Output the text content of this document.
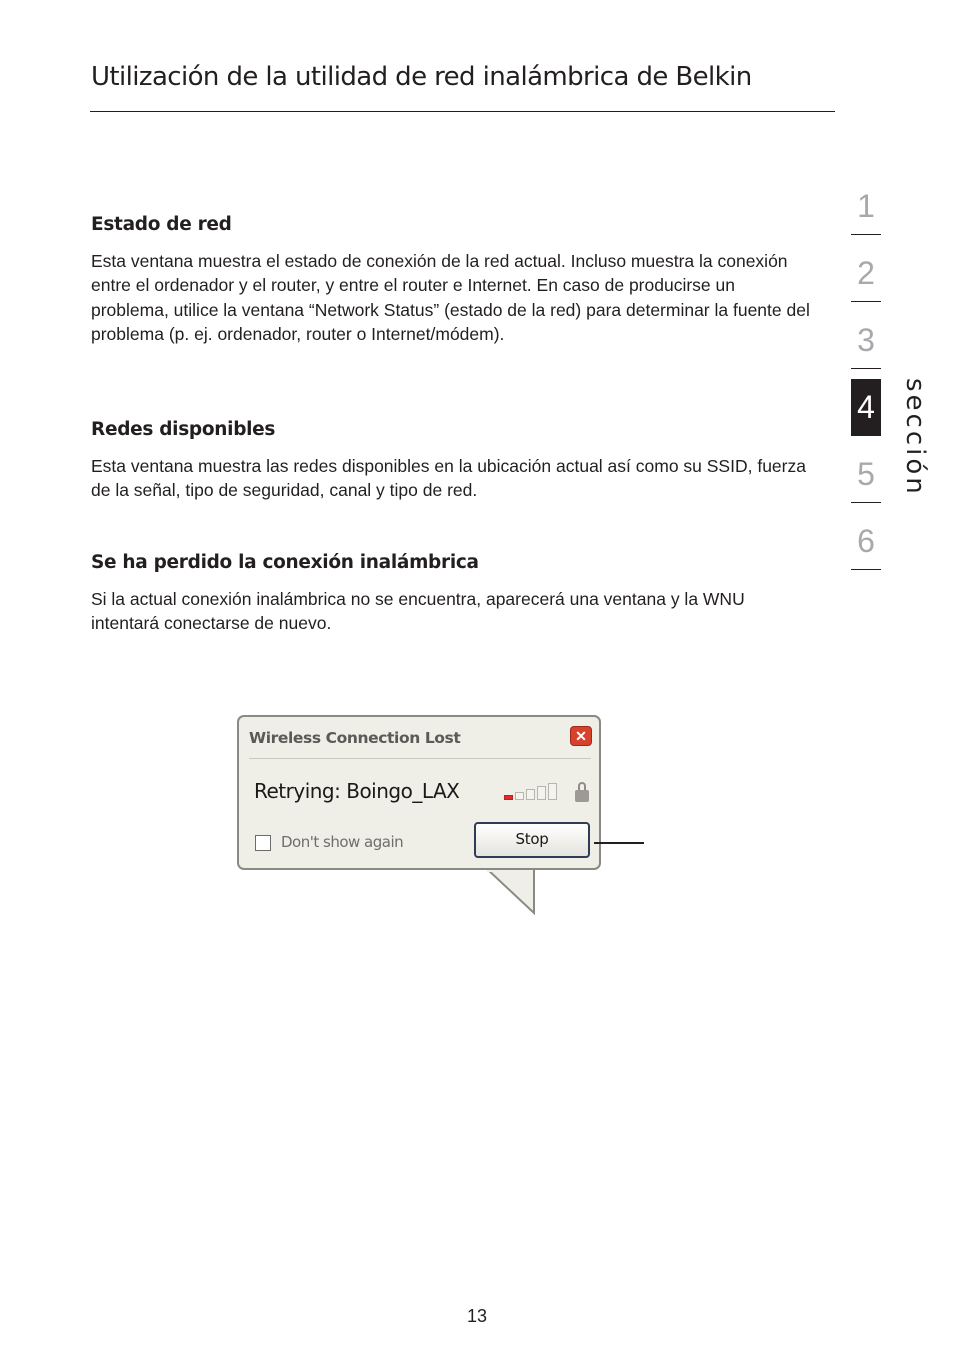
Utilización de la utilidad de red inalámbrica de Belkin
Estado de red

Esta ventana muestra el estado de conexión de la red actual. Incluso muestra la conexión entre el ordenador y el router, y entre el router e Internet. En caso de producirse un problema, utilice la ventana “Network Status” (estado de la red) para determinar la fuente del problema (p. ej. ordenador, router o Internet/módem).

Redes disponibles

Esta ventana muestra las redes disponibles en la ubicación actual así como su SSID, fuerza de la señal, tipo de seguridad, canal y tipo de red.

Se ha perdido la conexión inalámbrica

Si la actual conexión inalámbrica no se encuentra, aparecerá una ventana y la WNU intentará conectarse de nuevo.

1
2
3
4
5
6
sección
Wireless Connection Lost	✕
Retrying: Boingo_LAX
Don't show again	Stop
13
